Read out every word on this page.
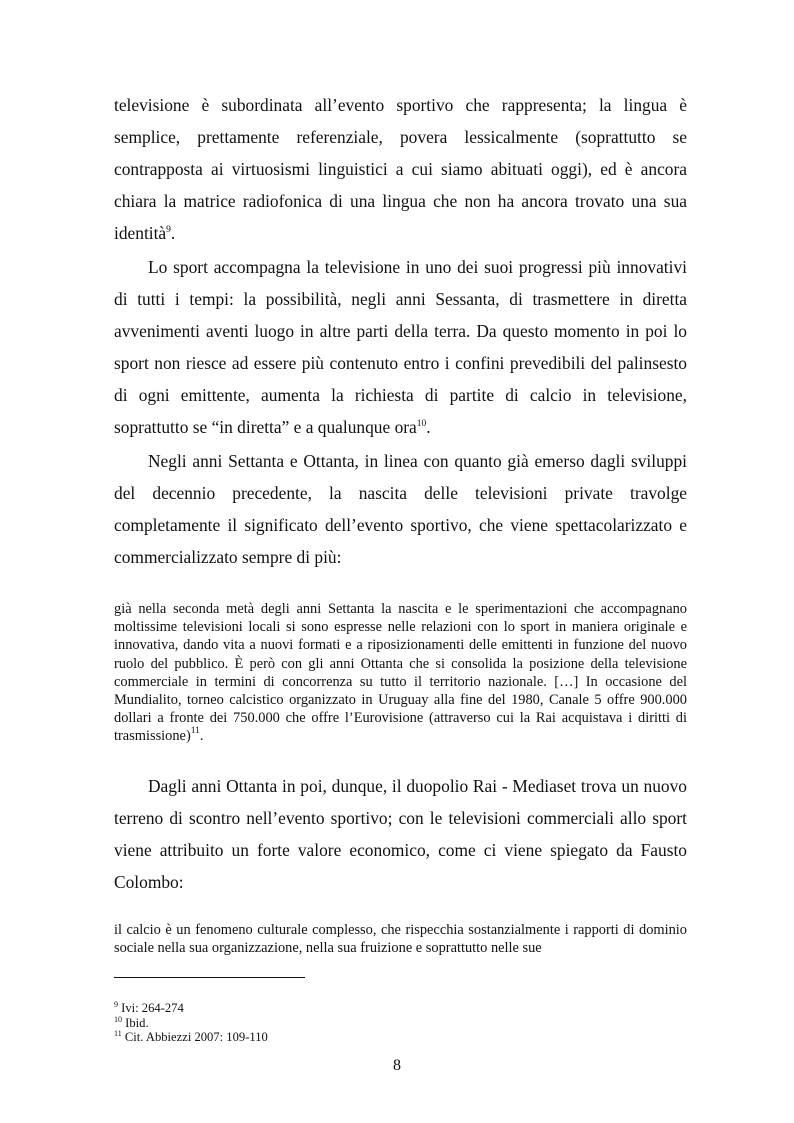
televisione è subordinata all’evento sportivo che rappresenta; la lingua è semplice, prettamente referenziale, povera lessicalmente (soprattutto se contrapposta ai virtuosismi linguistici a cui siamo abituati oggi), ed è ancora chiara la matrice radiofonica di una lingua che non ha ancora trovato una sua identità$^9$.

Lo sport accompagna la televisione in uno dei suoi progressi più innovativi di tutti i tempi: la possibilità, negli anni Sessanta, di trasmettere in diretta avvenimenti aventi luogo in altre parti della terra. Da questo momento in poi lo sport non riesce ad essere più contenuto entro i confini prevedibili del palinsesto di ogni emittente, aumenta la richiesta di partite di calcio in televisione, soprattutto se “in diretta” e a qualunque ora$^{10}$.

Negli anni Settanta e Ottanta, in linea con quanto già emerso dagli sviluppi del decennio precedente, la nascita delle televisioni private travolge completamente il significato dell’evento sportivo, che viene spettacolarizzato e commercializzato sempre di più:

già nella seconda metà degli anni Settanta la nascita e le sperimentazioni che accompagnano moltissime televisioni locali si sono espresse nelle relazioni con lo sport in maniera originale e innovativa, dando vita a nuovi formati e a riposizionamenti delle emittenti in funzione del nuovo ruolo del pubblico. È però con gli anni Ottanta che si consolida la posizione della televisione commerciale in termini di concorrenza su tutto il territorio nazionale. […] In occasione del Mundialito, torneo calcistico organizzato in Uruguay alla fine del 1980, Canale 5 offre 900.000 dollari a fronte dei 750.000 che offre l’Eurovisione (attraverso cui la Rai acquistava i diritti di trasmissione)$^{11}$.

Dagli anni Ottanta in poi, dunque, il duopolio Rai - Mediaset trova un nuovo terreno di scontro nell’evento sportivo; con le televisioni commerciali allo sport viene attribuito un forte valore economico, come ci viene spiegato da Fausto Colombo:

il calcio è un fenomeno culturale complesso, che rispecchia sostanzialmente i rapporti di dominio sociale nella sua organizzazione, nella sua fruizione e soprattutto nelle sue

$^9$ Ivi: 264-274
$^{10}$ Ibid.
$^{11}$ Cit. Abbiezzi 2007: 109-110
8
